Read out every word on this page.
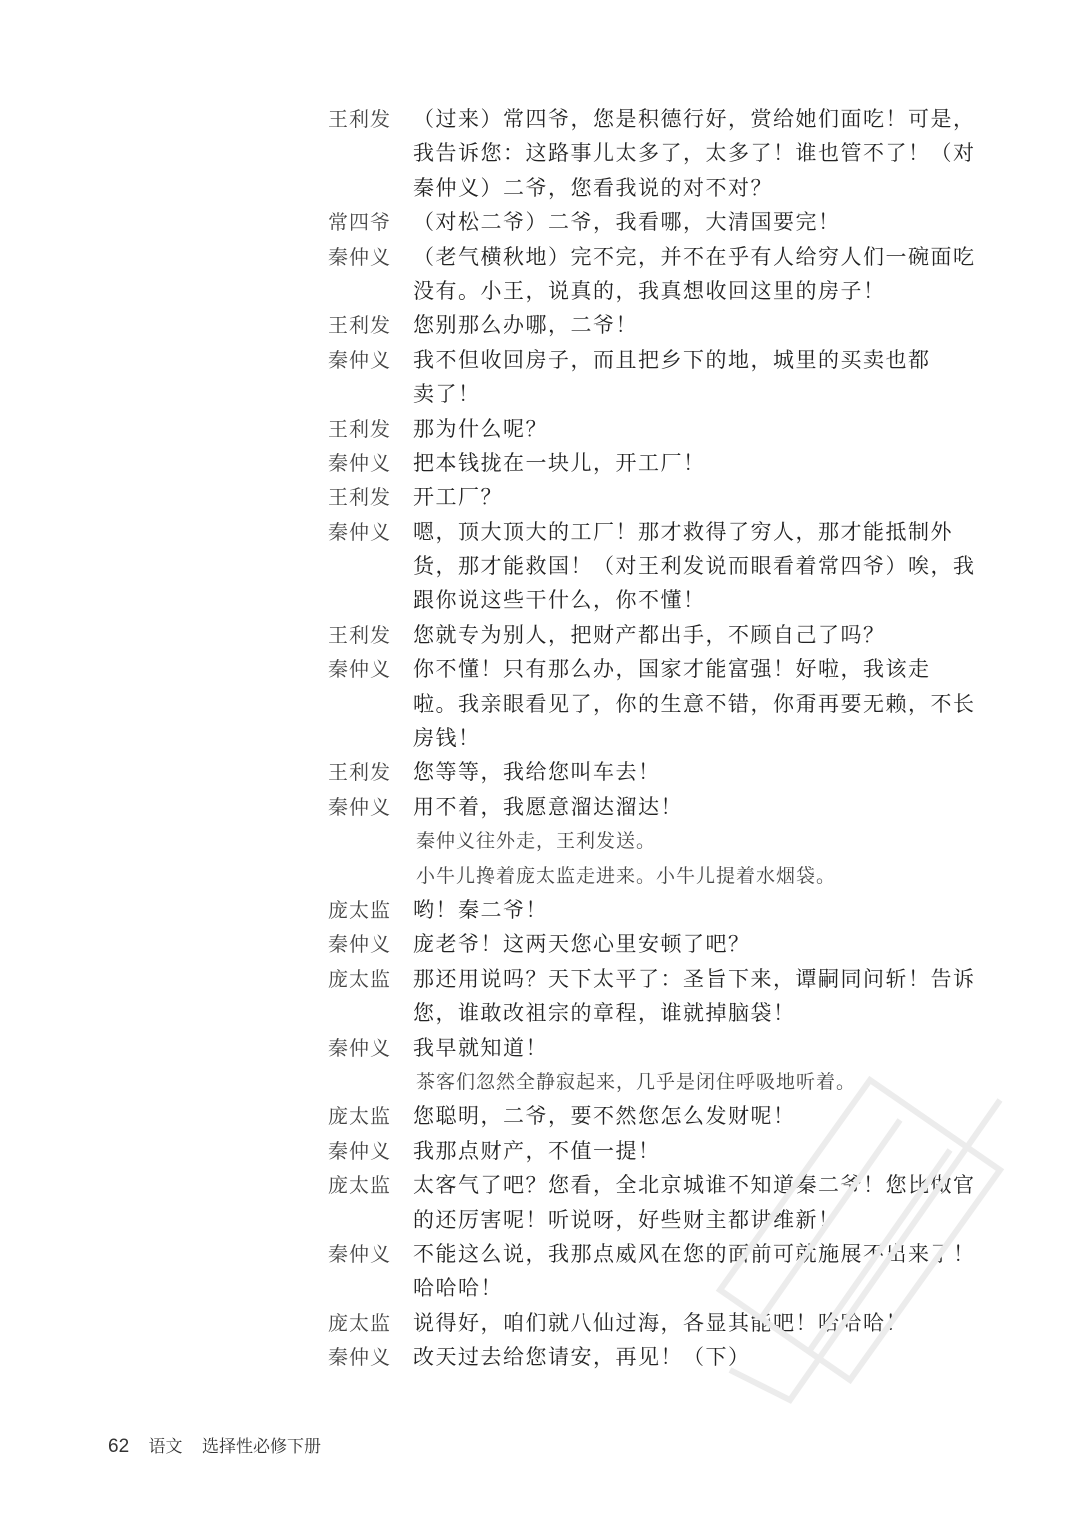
王利发	（过来）常四爷，您是积德行好，赏给她们面吃！可是，
我告诉您：这路事儿太多了，太多了！谁也管不了！（对
秦仲义）二爷，您看我说的对不对？
常四爷	（对松二爷）二爷，我看哪，大清国要完！
秦仲义	（老气横秋地）完不完，并不在乎有人给穷人们一碗面吃
没有。小王，说真的，我真想收回这里的房子！
王利发	您别那么办哪，二爷！
秦仲义	我不但收回房子，而且把乡下的地，城里的买卖也都
卖了！
王利发	那为什么呢？
秦仲义	把本钱拢在一块儿，开工厂！
王利发	开工厂？
秦仲义	嗯，顶大顶大的工厂！那才救得了穷人，那才能抵制外
货，那才能救国！（对王利发说而眼看着常四爷）唉，我
跟你说这些干什么，你不懂！
王利发	您就专为别人，把财产都出手，不顾自己了吗？
秦仲义	你不懂！只有那么办，国家才能富强！好啦，我该走
啦。我亲眼看见了，你的生意不错，你甭再要无赖，不长
房钱！
王利发	您等等，我给您叫车去！
秦仲义	用不着，我愿意溜达溜达！
秦仲义往外走，王利发送。
小牛儿搀着庞太监走进来。小牛儿提着水烟袋。
庞太监	哟！秦二爷！
秦仲义	庞老爷！这两天您心里安顿了吧？
庞太监	那还用说吗？天下太平了：圣旨下来，谭嗣同问斩！告诉
您，谁敢改祖宗的章程，谁就掉脑袋！
秦仲义	我早就知道！
茶客们忽然全静寂起来，几乎是闭住呼吸地听着。
庞太监	您聪明，二爷，要不然您怎么发财呢！
秦仲义	我那点财产，不值一提！
庞太监	太客气了吧？您看，全北京城谁不知道秦二爷！您比做官
的还厉害呢！听说呀，好些财主都讲维新！
秦仲义	不能这么说，我那点威风在您的面前可就施展不出来了！
哈哈哈！
庞太监	说得好，咱们就八仙过海，各显其能吧！哈哈哈！
秦仲义	改天过去给您请安，再见！（下）
62 语文 选择性必修下册
